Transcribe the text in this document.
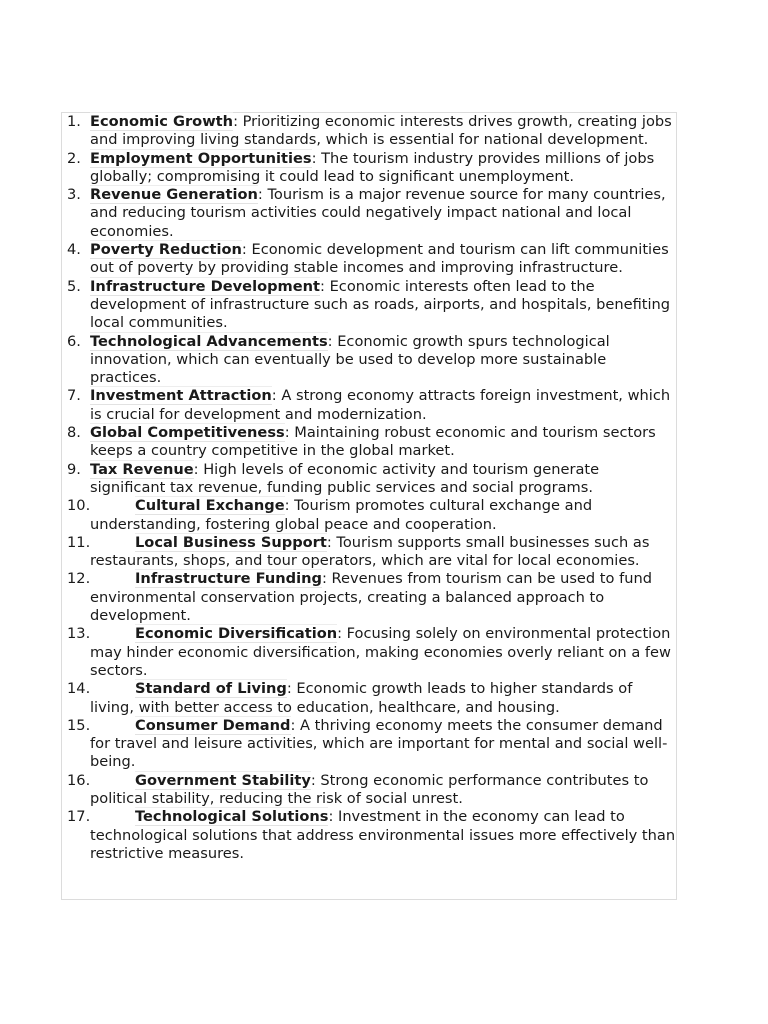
1. Economic Growth: Prioritizing economic interests drives growth, creating jobs and improving living standards, which is essential for national development.
2. Employment Opportunities: The tourism industry provides millions of jobs globally; compromising it could lead to significant unemployment.
3. Revenue Generation: Tourism is a major revenue source for many countries, and reducing tourism activities could negatively impact national and local economies.
4. Poverty Reduction: Economic development and tourism can lift communities out of poverty by providing stable incomes and improving infrastructure.
5. Infrastructure Development: Economic interests often lead to the development of infrastructure such as roads, airports, and hospitals, benefiting local communities.
6. Technological Advancements: Economic growth spurs technological innovation, which can eventually be used to develop more sustainable practices.
7. Investment Attraction: A strong economy attracts foreign investment, which is crucial for development and modernization.
8. Global Competitiveness: Maintaining robust economic and tourism sectors keeps a country competitive in the global market.
9. Tax Revenue: High levels of economic activity and tourism generate significant tax revenue, funding public services and social programs.
10.	Cultural Exchange: Tourism promotes cultural exchange and understanding, fostering global peace and cooperation.
11.	Local Business Support: Tourism supports small businesses such as restaurants, shops, and tour operators, which are vital for local economies.
12.	Infrastructure Funding: Revenues from tourism can be used to fund environmental conservation projects, creating a balanced approach to development.
13.	Economic Diversification: Focusing solely on environmental protection may hinder economic diversification, making economies overly reliant on a few sectors.
14.	Standard of Living: Economic growth leads to higher standards of living, with better access to education, healthcare, and housing.
15.	Consumer Demand: A thriving economy meets the consumer demand for travel and leisure activities, which are important for mental and social well-being.
16.	Government Stability: Strong economic performance contributes to political stability, reducing the risk of social unrest.
17.	Technological Solutions: Investment in the economy can lead to technological solutions that address environmental issues more effectively than restrictive measures.
